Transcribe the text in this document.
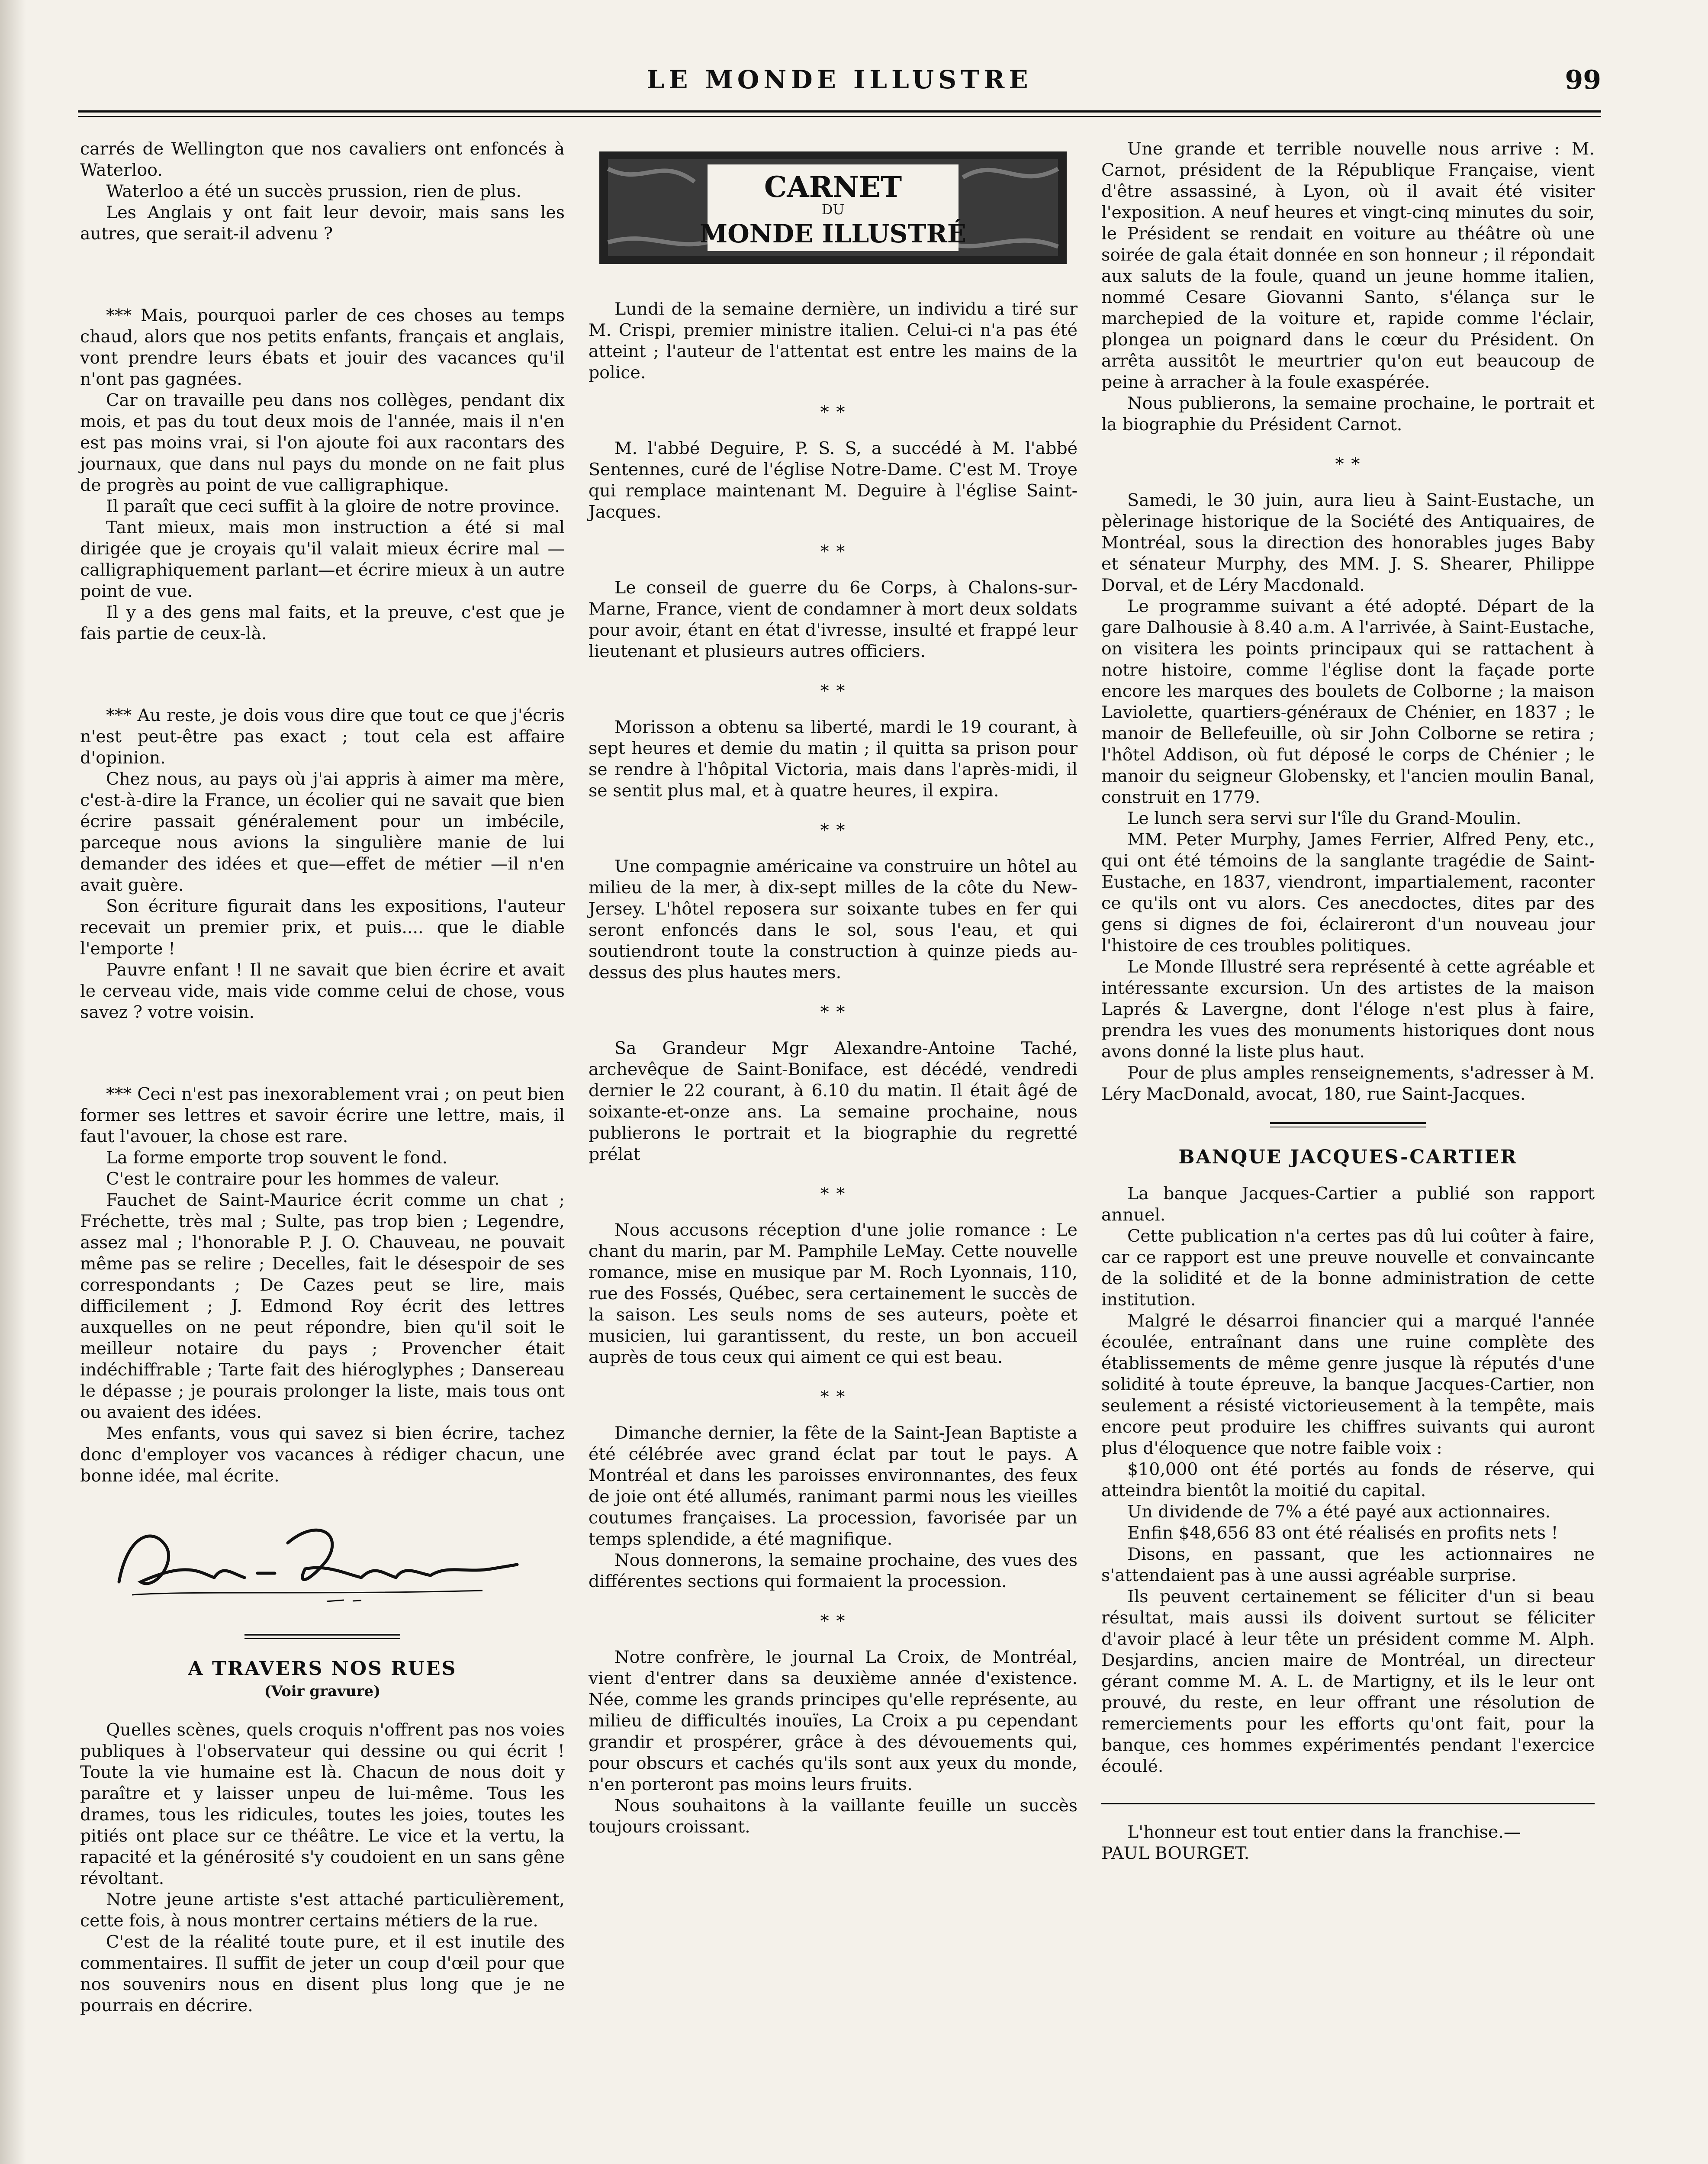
LE MONDE ILLUSTRE	99

carrés de Wellington que nos cavaliers ont enfoncés à Waterloo.

Waterloo a été un succès prussion, rien de plus.

Les Anglais y ont fait leur devoir, mais sans les autres, que serait-il advenu ?

*** Mais, pourquoi parler de ces choses au temps chaud, alors que nos petits enfants, français et anglais, vont prendre leurs ébats et jouir des vacances qu'il n'ont pas gagnées.

Car on travaille peu dans nos collèges, pendant dix mois, et pas du tout deux mois de l'année, mais il n'en est pas moins vrai, si l'on ajoute foi aux racontars des journaux, que dans nul pays du monde on ne fait plus de progrès au point de vue calligraphique.

Il paraît que ceci suffit à la gloire de notre province.

Tant mieux, mais mon instruction a été si mal dirigée que je croyais qu'il valait mieux écrire mal —calligraphiquement parlant—et écrire mieux à un autre point de vue.

Il y a des gens mal faits, et la preuve, c'est que je fais partie de ceux-là.

*** Au reste, je dois vous dire que tout ce que j'écris n'est peut-être pas exact ; tout cela est affaire d'opinion.

Chez nous, au pays où j'ai appris à aimer ma mère, c'est-à-dire la France, un écolier qui ne savait que bien écrire passait généralement pour un imbécile, parceque nous avions la singulière manie de lui demander des idées et que—effet de métier —il n'en avait guère.

Son écriture figurait dans les expositions, l'auteur recevait un premier prix, et puis.... que le diable l'emporte !

Pauvre enfant ! Il ne savait que bien écrire et avait le cerveau vide, mais vide comme celui de chose, vous savez ? votre voisin.

*** Ceci n'est pas inexorablement vrai ; on peut bien former ses lettres et savoir écrire une lettre, mais, il faut l'avouer, la chose est rare.

La forme emporte trop souvent le fond.

C'est le contraire pour les hommes de valeur.

Fauchet de Saint-Maurice écrit comme un chat ; Fréchette, très mal ; Sulte, pas trop bien ; Legendre, assez mal ; l'honorable P. J. O. Chauveau, ne pouvait même pas se relire ; Decelles, fait le désespoir de ses correspondants ; De Cazes peut se lire, mais difficilement ; J. Edmond Roy écrit des lettres auxquelles on ne peut répondre, bien qu'il soit le meilleur notaire du pays ; Provencher était indéchiffrable ; Tarte fait des hiéroglyphes ; Dansereau le dépasse ; je pourais prolonger la liste, mais tous ont ou avaient des idées.

Mes enfants, vous qui savez si bien écrire, tachez donc d'employer vos vacances à rédiger chacun, une bonne idée, mal écrite.

A TRAVERS NOS RUES
(Voir gravure)

Quelles scènes, quels croquis n'offrent pas nos voies publiques à l'observateur qui dessine ou qui écrit ! Toute la vie humaine est là. Chacun de nous doit y paraître et y laisser unpeu de lui-même. Tous les drames, tous les ridicules, toutes les joies, toutes les pitiés ont place sur ce théâtre. Le vice et la vertu, la rapacité et la générosité s'y coudoient en un sans gêne révoltant.

Notre jeune artiste s'est attaché particulièrement, cette fois, à nous montrer certains métiers de la rue.

C'est de la réalité toute pure, et il est inutile des commentaires. Il suffit de jeter un coup d'œil pour que nos souvenirs nous en disent plus long que je ne pourrais en décrire.

CARNET
DU
MONDE ILLUSTRÉ

Lundi de la semaine dernière, un individu a tiré sur M. Crispi, premier ministre italien. Celui-ci n'a pas été atteint ; l'auteur de l'attentat est entre les mains de la police.

* *

M. l'abbé Deguire, P. S. S, a succédé à M. l'abbé Sentennes, curé de l'église Notre-Dame. C'est M. Troye qui remplace maintenant M. Deguire à l'église Saint-Jacques.

* *

Le conseil de guerre du 6e Corps, à Chalons-sur-Marne, France, vient de condamner à mort deux soldats pour avoir, étant en état d'ivresse, insulté et frappé leur lieutenant et plusieurs autres officiers.

* *

Morisson a obtenu sa liberté, mardi le 19 courant, à sept heures et demie du matin ; il quitta sa prison pour se rendre à l'hôpital Victoria, mais dans l'après-midi, il se sentit plus mal, et à quatre heures, il expira.

* *

Une compagnie américaine va construire un hôtel au milieu de la mer, à dix-sept milles de la côte du New-Jersey. L'hôtel reposera sur soixante tubes en fer qui seront enfoncés dans le sol, sous l'eau, et qui soutiendront toute la construction à quinze pieds au-dessus des plus hautes mers.

* *

Sa Grandeur Mgr Alexandre-Antoine Taché, archevêque de Saint-Boniface, est décédé, vendredi dernier le 22 courant, à 6.10 du matin. Il était âgé de soixante-et-onze ans. La semaine prochaine, nous publierons le portrait et la biographie du regretté prélat

* *

Nous accusons réception d'une jolie romance : Le chant du marin, par M. Pamphile LeMay. Cette nouvelle romance, mise en musique par M. Roch Lyonnais, 110, rue des Fossés, Québec, sera certainement le succès de la saison. Les seuls noms de ses auteurs, poète et musicien, lui garantissent, du reste, un bon accueil auprès de tous ceux qui aiment ce qui est beau.

* *

Dimanche dernier, la fête de la Saint-Jean Baptiste a été célébrée avec grand éclat par tout le pays. A Montréal et dans les paroisses environnantes, des feux de joie ont été allumés, ranimant parmi nous les vieilles coutumes françaises. La procession, favorisée par un temps splendide, a été magnifique.

Nous donnerons, la semaine prochaine, des vues des différentes sections qui formaient la procession.

* *

Notre confrère, le journal La Croix, de Montréal, vient d'entrer dans sa deuxième année d'existence. Née, comme les grands principes qu'elle représente, au milieu de difficultés inouïes, La Croix a pu cependant grandir et prospérer, grâce à des dévouements qui, pour obscurs et cachés qu'ils sont aux yeux du monde, n'en porteront pas moins leurs fruits.

Nous souhaitons à la vaillante feuille un succès toujours croissant.

Une grande et terrible nouvelle nous arrive : M. Carnot, président de la République Française, vient d'être assassiné, à Lyon, où il avait été visiter l'exposition. A neuf heures et vingt-cinq minutes du soir, le Président se rendait en voiture au théâtre où une soirée de gala était donnée en son honneur ; il répondait aux saluts de la foule, quand un jeune homme italien, nommé Cesare Giovanni Santo, s'élança sur le marchepied de la voiture et, rapide comme l'éclair, plongea un poignard dans le cœur du Président. On arrêta aussitôt le meurtrier qu'on eut beaucoup de peine à arracher à la foule exaspérée.

Nous publierons, la semaine prochaine, le portrait et la biographie du Président Carnot.

* *

Samedi, le 30 juin, aura lieu à Saint-Eustache, un pèlerinage historique de la Société des Antiquaires, de Montréal, sous la direction des honorables juges Baby et sénateur Murphy, des MM. J. S. Shearer, Philippe Dorval, et de Léry Macdonald.

Le programme suivant a été adopté. Départ de la gare Dalhousie à 8.40 a.m. A l'arrivée, à Saint-Eustache, on visitera les points principaux qui se rattachent à notre histoire, comme l'église dont la façade porte encore les marques des boulets de Colborne ; la maison Laviolette, quartiers-généraux de Chénier, en 1837 ; le manoir de Bellefeuille, où sir John Colborne se retira ; l'hôtel Addison, où fut déposé le corps de Chénier ; le manoir du seigneur Globensky, et l'ancien moulin Banal, construit en 1779.

Le lunch sera servi sur l'île du Grand-Moulin.

MM. Peter Murphy, James Ferrier, Alfred Peny, etc., qui ont été témoins de la sanglante tragédie de Saint-Eustache, en 1837, viendront, impartialement, raconter ce qu'ils ont vu alors. Ces anecdoctes, dites par des gens si dignes de foi, éclaireront d'un nouveau jour l'histoire de ces troubles politiques.

Le Monde Illustré sera représenté à cette agréable et intéressante excursion. Un des artistes de la maison Laprés & Lavergne, dont l'éloge n'est plus à faire, prendra les vues des monuments historiques dont nous avons donné la liste plus haut.

Pour de plus amples renseignements, s'adresser à M. Léry MacDonald, avocat, 180, rue Saint-Jacques.

BANQUE JACQUES-CARTIER

La banque Jacques-Cartier a publié son rapport annuel.

Cette publication n'a certes pas dû lui coûter à faire, car ce rapport est une preuve nouvelle et convaincante de la solidité et de la bonne administration de cette institution.

Malgré le désarroi financier qui a marqué l'année écoulée, entraînant dans une ruine complète des établissements de même genre jusque là réputés d'une solidité à toute épreuve, la banque Jacques-Cartier, non seulement a résisté victorieusement à la tempête, mais encore peut produire les chiffres suivants qui auront plus d'éloquence que notre faible voix :

$10,000 ont été portés au fonds de réserve, qui atteindra bientôt la moitié du capital.

Un dividende de 7% a été payé aux actionnaires.

Enfin $48,656 83 ont été réalisés en profits nets !

Disons, en passant, que les actionnaires ne s'attendaient pas à une aussi agréable surprise.

Ils peuvent certainement se féliciter d'un si beau résultat, mais aussi ils doivent surtout se féliciter d'avoir placé à leur tête un président comme M. Alph. Desjardins, ancien maire de Montréal, un directeur gérant comme M. A. L. de Martigny, et ils le leur ont prouvé, du reste, en leur offrant une résolution de remerciements pour les efforts qu'ont fait, pour la banque, ces hommes expérimentés pendant l'exercice écoulé.

L'honneur est tout entier dans la franchise.—

PAUL BOURGET.
